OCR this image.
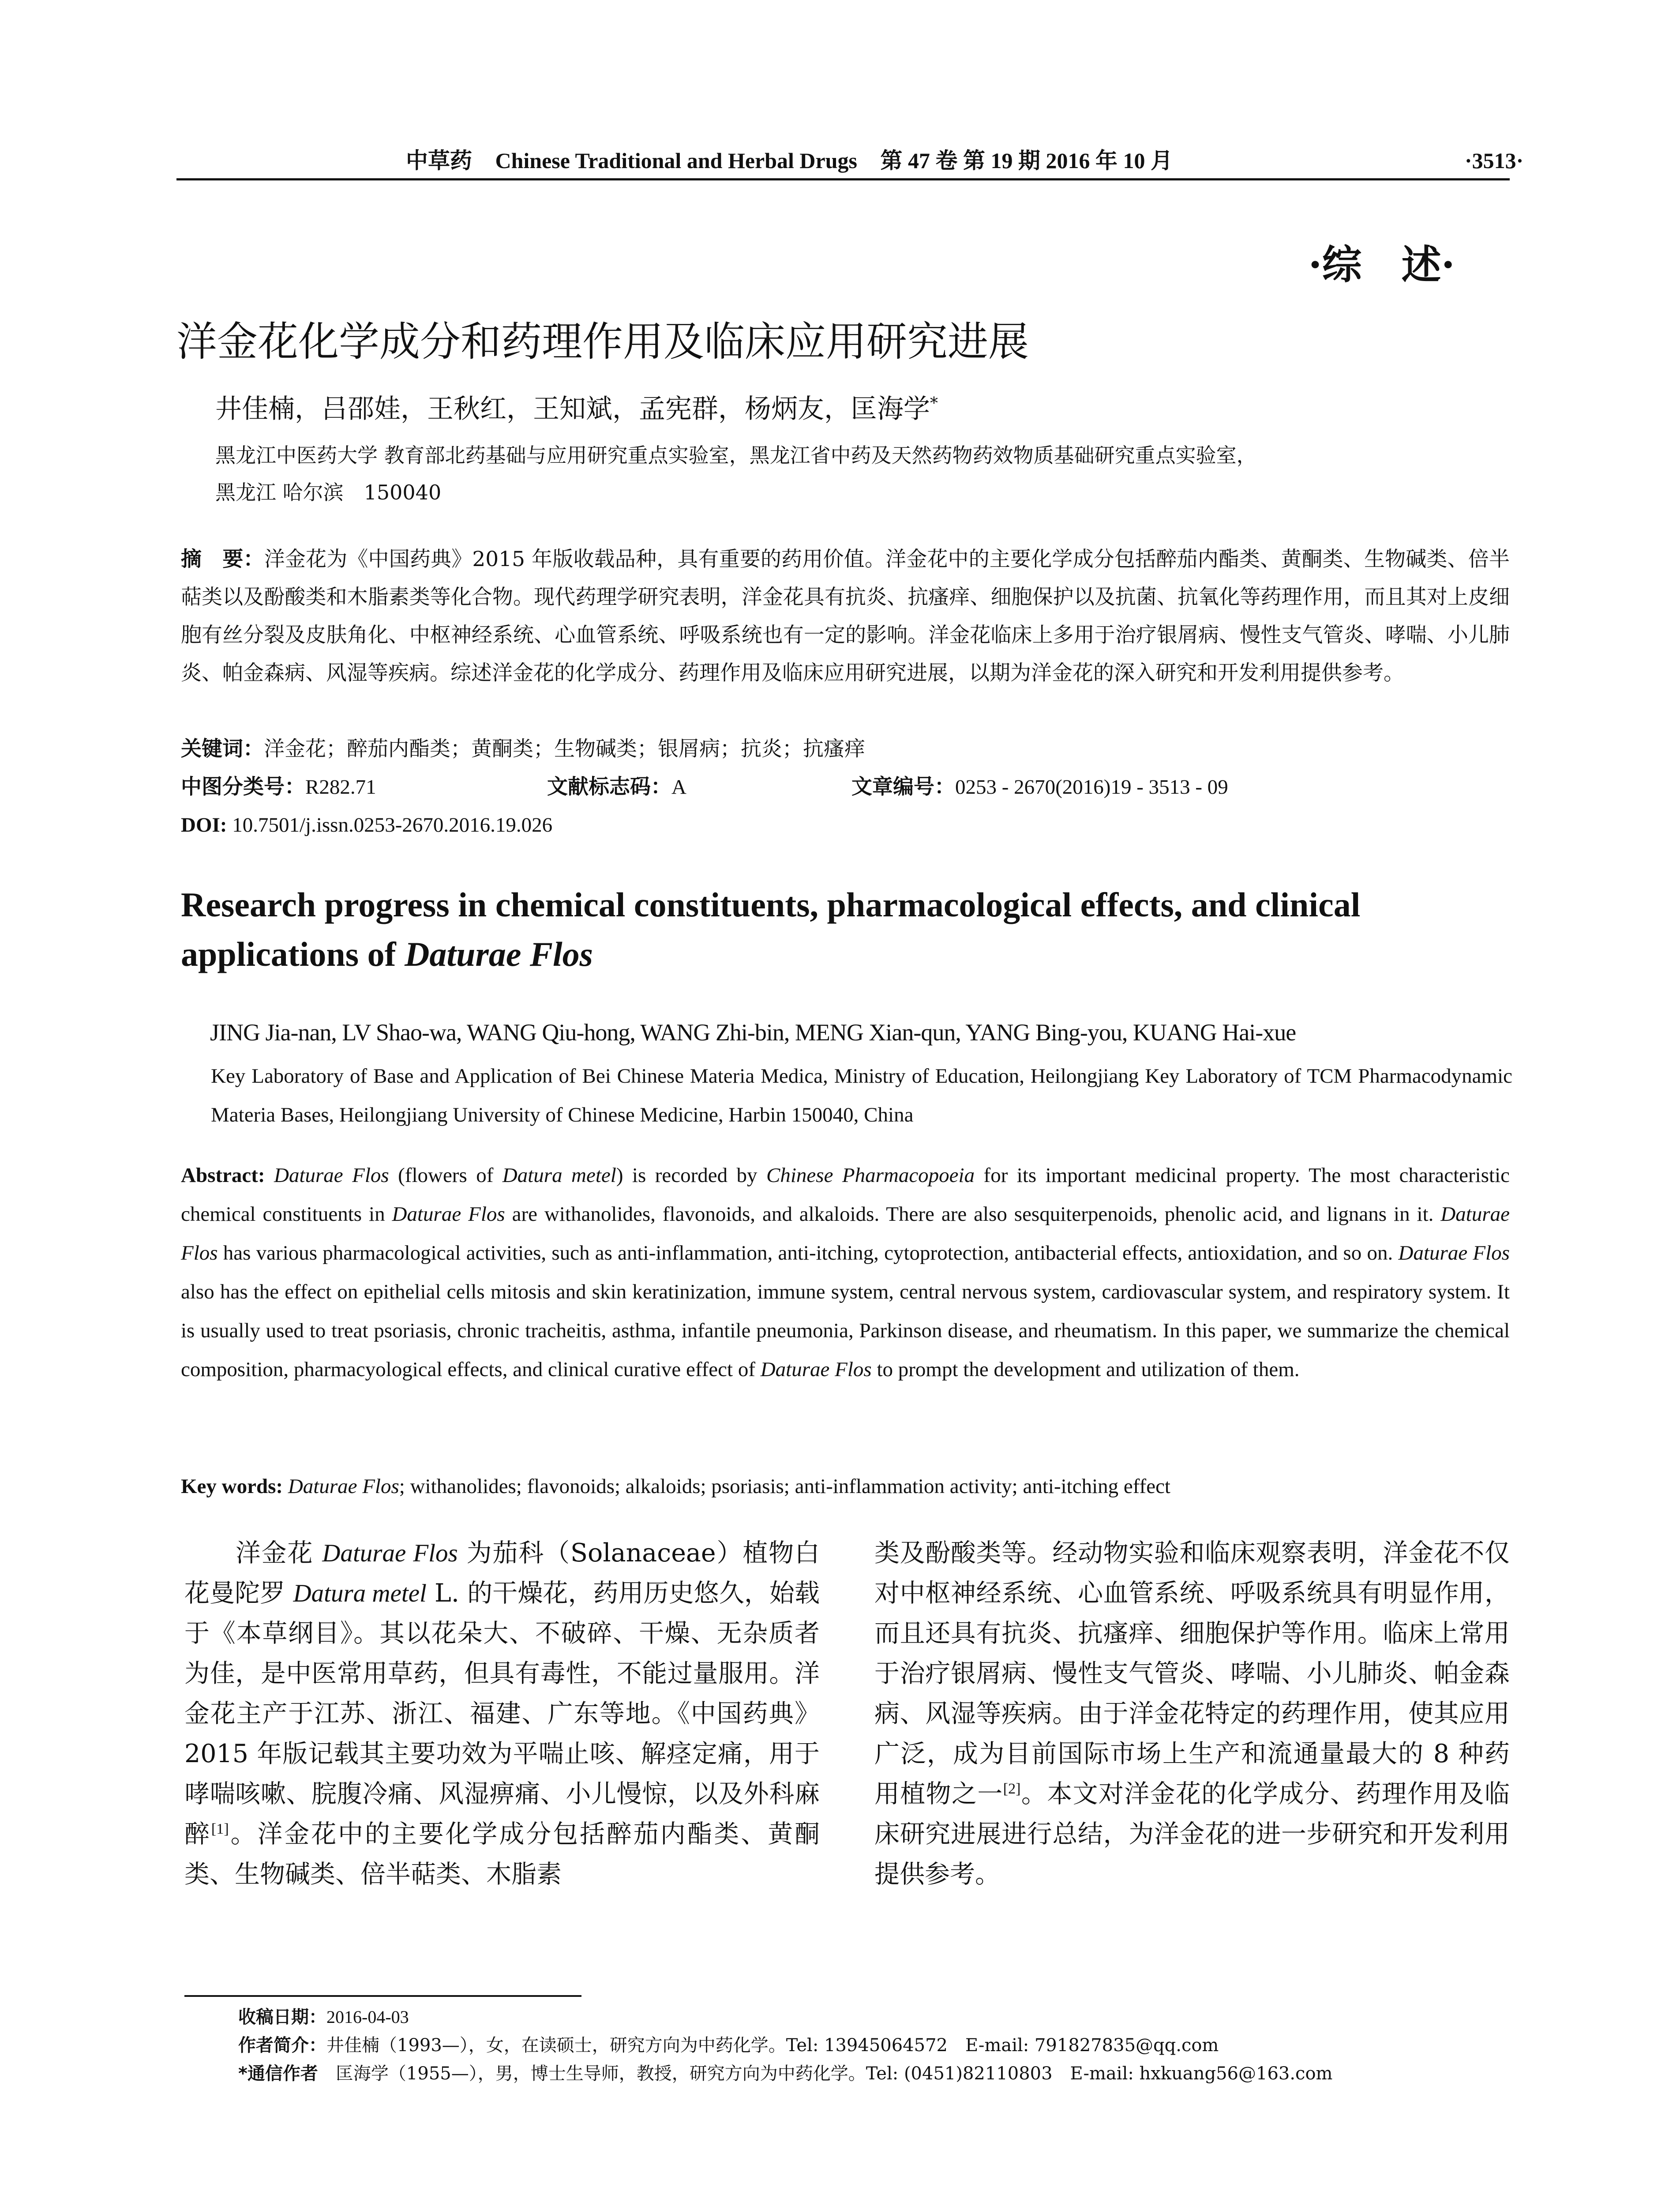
中草药 Chinese Traditional and Herbal Drugs 第 47 卷 第 19 期 2016 年 10 月	·3513·
·综　述·
洋金花化学成分和药理作用及临床应用研究进展
井佳楠，吕邵娃，王秋红，王知斌，孟宪群，杨炳友，匡海学*
黑龙江中医药大学 教育部北药基础与应用研究重点实验室，黑龙江省中药及天然药物药效物质基础研究重点实验室，
黑龙江 哈尔滨　150040
摘　要：洋金花为《中国药典》2015 年版收载品种，具有重要的药用价值。洋金花中的主要化学成分包括醉茄内酯类、黄酮类、生物碱类、倍半萜类以及酚酸类和木脂素类等化合物。现代药理学研究表明，洋金花具有抗炎、抗瘙痒、细胞保护以及抗菌、抗氧化等药理作用，而且其对上皮细胞有丝分裂及皮肤角化、中枢神经系统、心血管系统、呼吸系统也有一定的影响。洋金花临床上多用于治疗银屑病、慢性支气管炎、哮喘、小儿肺炎、帕金森病、风湿等疾病。综述洋金花的化学成分、药理作用及临床应用研究进展，以期为洋金花的深入研究和开发利用提供参考。
关键词：洋金花；醉茄内酯类；黄酮类；生物碱类；银屑病；抗炎；抗瘙痒
中图分类号：R282.71	文献标志码：A	文章编号：0253 - 2670(2016)19 - 3513 - 09
DOI: 10.7501/j.issn.0253-2670.2016.19.026
Research progress in chemical constituents, pharmacological effects, and clinical applications of Daturae Flos
JING Jia-nan, LV Shao-wa, WANG Qiu-hong, WANG Zhi-bin, MENG Xian-qun, YANG Bing-you, KUANG Hai-xue
Key Laboratory of Base and Application of Bei Chinese Materia Medica, Ministry of Education, Heilongjiang Key Laboratory of TCM Pharmacodynamic Materia Bases, Heilongjiang University of Chinese Medicine, Harbin 150040, China
Abstract: Daturae Flos (flowers of Datura metel) is recorded by Chinese Pharmacopoeia for its important medicinal property. The most characteristic chemical constituents in Daturae Flos are withanolides, flavonoids, and alkaloids. There are also sesquiterpenoids, phenolic acid, and lignans in it. Daturae Flos has various pharmacological activities, such as anti-inflammation, anti-itching, cytoprotection, antibacterial effects, antioxidation, and so on. Daturae Flos also has the effect on epithelial cells mitosis and skin keratinization, immune system, central nervous system, cardiovascular system, and respiratory system. It is usually used to treat psoriasis, chronic tracheitis, asthma, infantile pneumonia, Parkinson disease, and rheumatism. In this paper, we summarize the chemical composition, pharmacyological effects, and clinical curative effect of Daturae Flos to prompt the development and utilization of them.
Key words: Daturae Flos; withanolides; flavonoids; alkaloids; psoriasis; anti-inflammation activity; anti-itching effect
洋金花 Daturae Flos 为茄科（Solanaceae）植物白花曼陀罗 Datura metel L. 的干燥花，药用历史悠久，始载于《本草纲目》。其以花朵大、不破碎、干燥、无杂质者为佳，是中医常用草药，但具有毒性，不能过量服用。洋金花主产于江苏、浙江、福建、广东等地。《中国药典》2015 年版记载其主要功效为平喘止咳、解痉定痛，用于哮喘咳嗽、脘腹冷痛、风湿痹痛、小儿慢惊，以及外科麻醉[1]。洋金花中的主要化学成分包括醉茄内酯类、黄酮类、生物碱类、倍半萜类、木脂素
类及酚酸类等。经动物实验和临床观察表明，洋金花不仅对中枢神经系统、心血管系统、呼吸系统具有明显作用，而且还具有抗炎、抗瘙痒、细胞保护等作用。临床上常用于治疗银屑病、慢性支气管炎、哮喘、小儿肺炎、帕金森病、风湿等疾病。由于洋金花特定的药理作用，使其应用广泛，成为目前国际市场上生产和流通量最大的 8 种药用植物之一[2]。本文对洋金花的化学成分、药理作用及临床研究进展进行总结，为洋金花的进一步研究和开发利用提供参考。
收稿日期：2016-04-03
作者简介：井佳楠（1993—），女，在读硕士，研究方向为中药化学。Tel: 13945064572　E-mail: 791827835@qq.com
*通信作者　匡海学（1955—），男，博士生导师，教授，研究方向为中药化学。Tel: (0451)82110803　E-mail: hxkuang56@163.com
